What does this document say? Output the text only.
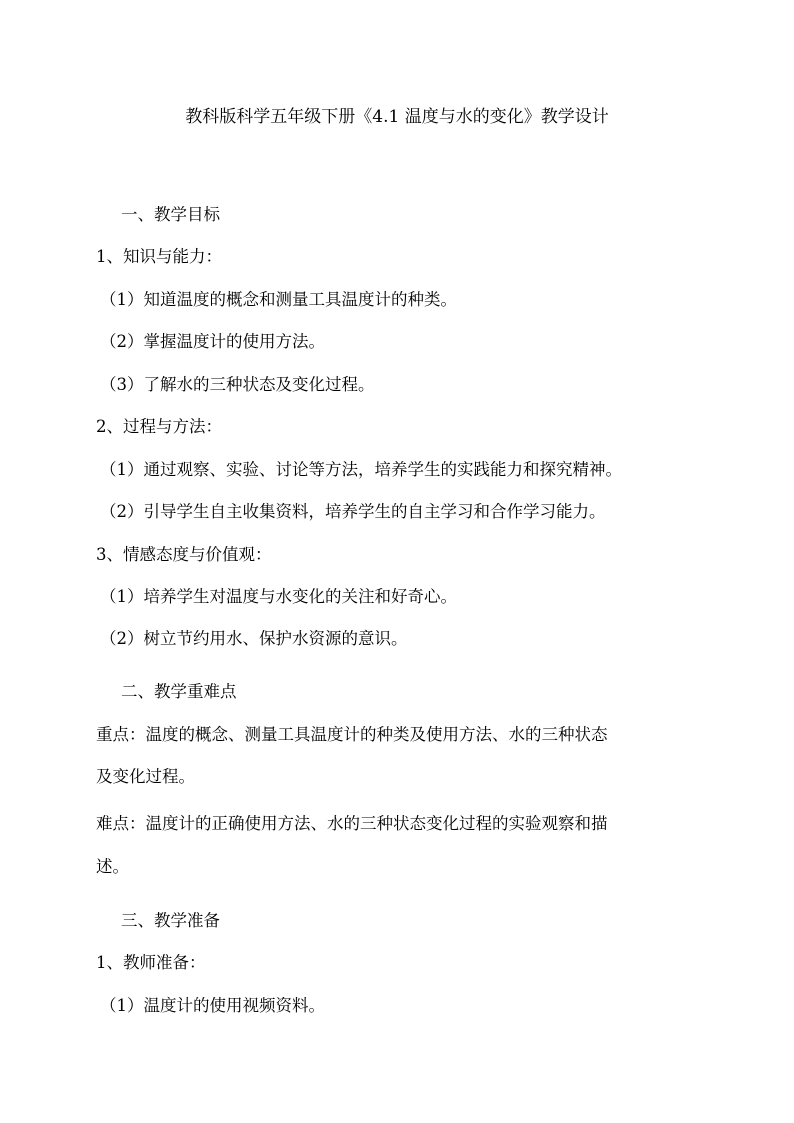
教科版科学五年级下册《4.1 温度与水的变化》教学设计
一、教学目标
1、知识与能力：
（1）知道温度的概念和测量工具温度计的种类。
（2）掌握温度计的使用方法。
（3）了解水的三种状态及变化过程。
2、过程与方法：
（1）通过观察、实验、讨论等方法，培养学生的实践能力和探究精神。
（2）引导学生自主收集资料，培养学生的自主学习和合作学习能力。
3、情感态度与价值观：
（1）培养学生对温度与水变化的关注和好奇心。
（2）树立节约用水、保护水资源的意识。
二、教学重难点
重点：温度的概念、测量工具温度计的种类及使用方法、水的三种状态
及变化过程。
难点：温度计的正确使用方法、水的三种状态变化过程的实验观察和描
述。
三、教学准备
1、教师准备：
（1）温度计的使用视频资料。
